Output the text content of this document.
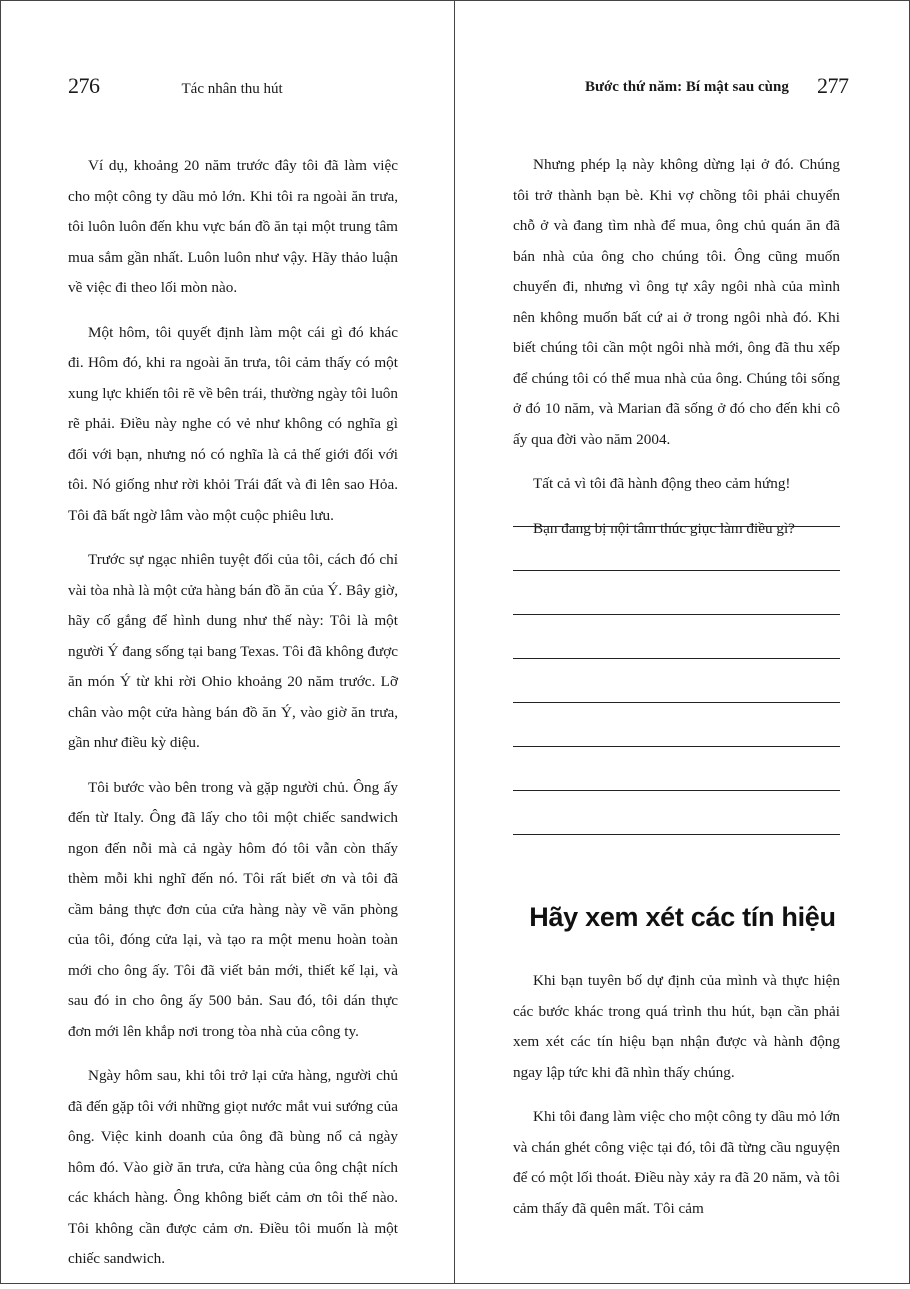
276	Tác nhân thu hút

Ví dụ, khoảng 20 năm trước đây tôi đã làm việc cho một công ty dầu mỏ lớn. Khi tôi ra ngoài ăn trưa, tôi luôn luôn đến khu vực bán đồ ăn tại một trung tâm mua sắm gần nhất. Luôn luôn như vậy. Hãy thảo luận về việc đi theo lối mòn nào.

Một hôm, tôi quyết định làm một cái gì đó khác đi. Hôm đó, khi ra ngoài ăn trưa, tôi cảm thấy có một xung lực khiến tôi rẽ về bên trái, thường ngày tôi luôn rẽ phải. Điều này nghe có vẻ như không có nghĩa gì đối với bạn, nhưng nó có nghĩa là cả thế giới đối với tôi. Nó giống như rời khỏi Trái đất và đi lên sao Hỏa. Tôi đã bất ngờ lâm vào một cuộc phiêu lưu.

Trước sự ngạc nhiên tuyệt đối của tôi, cách đó chỉ vài tòa nhà là một cửa hàng bán đồ ăn của Ý. Bây giờ, hãy cố gắng để hình dung như thế này: Tôi là một người Ý đang sống tại bang Texas. Tôi đã không được ăn món Ý từ khi rời Ohio khoảng 20 năm trước. Lỡ chân vào một cửa hàng bán đồ ăn Ý, vào giờ ăn trưa, gần như điều kỳ diệu.

Tôi bước vào bên trong và gặp người chủ. Ông ấy đến từ Italy. Ông đã lấy cho tôi một chiếc sandwich ngon đến nỗi mà cả ngày hôm đó tôi vẫn còn thấy thèm mỗi khi nghĩ đến nó. Tôi rất biết ơn và tôi đã cầm bảng thực đơn của cửa hàng này về văn phòng của tôi, đóng cửa lại, và tạo ra một menu hoàn toàn mới cho ông ấy. Tôi đã viết bản mới, thiết kế lại, và sau đó in cho ông ấy 500 bản. Sau đó, tôi dán thực đơn mới lên khắp nơi trong tòa nhà của công ty.

Ngày hôm sau, khi tôi trở lại cửa hàng, người chủ đã đến gặp tôi với những giọt nước mắt vui sướng của ông. Việc kinh doanh của ông đã bùng nổ cả ngày hôm đó. Vào giờ ăn trưa, cửa hàng của ông chật ních các khách hàng. Ông không biết cảm ơn tôi thế nào. Tôi không cần được cảm ơn. Điều tôi muốn là một chiếc sandwich.

Bước thứ năm: Bí mật sau cùng 277

Nhưng phép lạ này không dừng lại ở đó. Chúng tôi trở thành bạn bè. Khi vợ chồng tôi phải chuyển chỗ ở và đang tìm nhà để mua, ông chủ quán ăn đã bán nhà của ông cho chúng tôi. Ông cũng muốn chuyển đi, nhưng vì ông tự xây ngôi nhà của mình nên không muốn bất cứ ai ở trong ngôi nhà đó. Khi biết chúng tôi cần một ngôi nhà mới, ông đã thu xếp để chúng tôi có thể mua nhà của ông. Chúng tôi sống ở đó 10 năm, và Marian đã sống ở đó cho đến khi cô ấy qua đời vào năm 2004.

Tất cả vì tôi đã hành động theo cảm hứng!

Bạn đang bị nội tâm thúc giục làm điều gì?

Hãy xem xét các tín hiệu

Khi bạn tuyên bố dự định của mình và thực hiện các bước khác trong quá trình thu hút, bạn cần phải xem xét các tín hiệu bạn nhận được và hành động ngay lập tức khi đã nhìn thấy chúng.

Khi tôi đang làm việc cho một công ty dầu mỏ lớn và chán ghét công việc tại đó, tôi đã từng cầu nguyện để có một lối thoát. Điều này xảy ra đã 20 năm, và tôi cảm thấy đã quên mất. Tôi cảm
